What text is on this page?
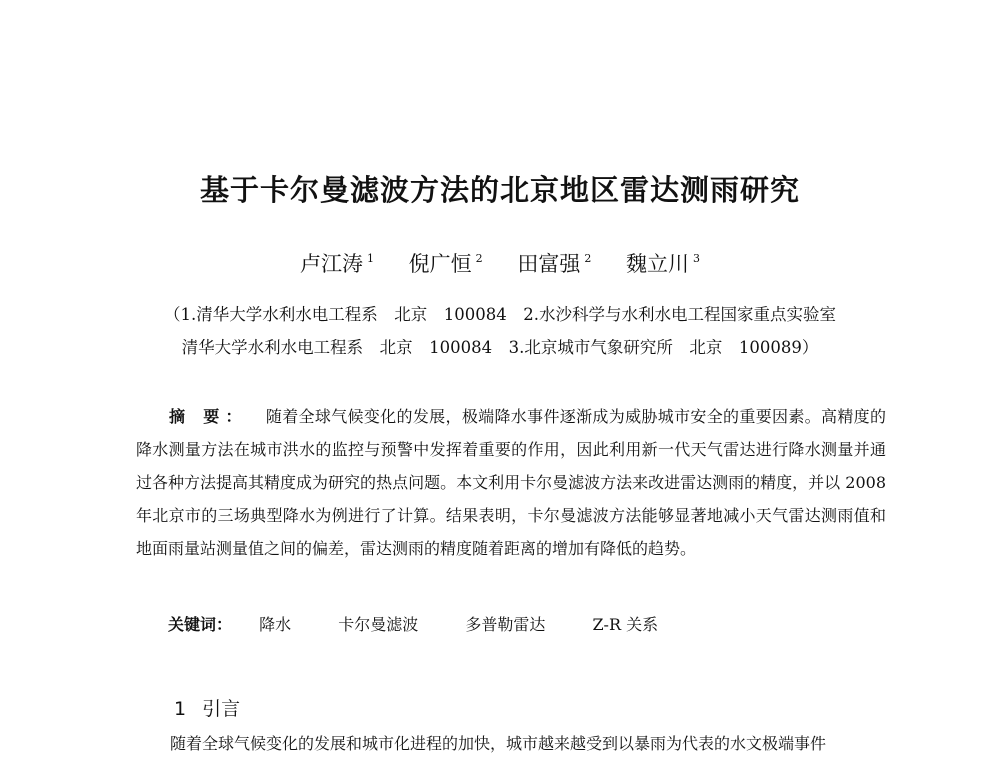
基于卡尔曼滤波方法的北京地区雷达测雨研究
卢江涛 $^1$ 倪广恒 $^2$ 田富强 $^2$ 魏立川 $^3$
（1.清华大学水利水电工程系　北京　100084　2.水沙科学与水利水电工程国家重点实验室
清华大学水利水电工程系　北京　100084　3.北京城市气象研究所　北京　100089）
摘 要： 随着全球气候变化的发展，极端降水事件逐渐成为威胁城市安全的重要因素。高精度的降水测量方法在城市洪水的监控与预警中发挥着重要的作用，因此利用新一代天气雷达进行降水测量并通过各种方法提高其精度成为研究的热点问题。本文利用卡尔曼滤波方法来改进雷达测雨的精度，并以 2008 年北京市的三场典型降水为例进行了计算。结果表明，卡尔曼滤波方法能够显著地减小天气雷达测雨值和地面雨量站测量值之间的偏差，雷达测雨的精度随着距离的增加有降低的趋势。
关键词： 降水	卡尔曼滤波	多普勒雷达	Z-R 关系
1 引言
随着全球气候变化的发展和城市化进程的加快，城市越来越受到以暴雨为代表的水文极端事件
